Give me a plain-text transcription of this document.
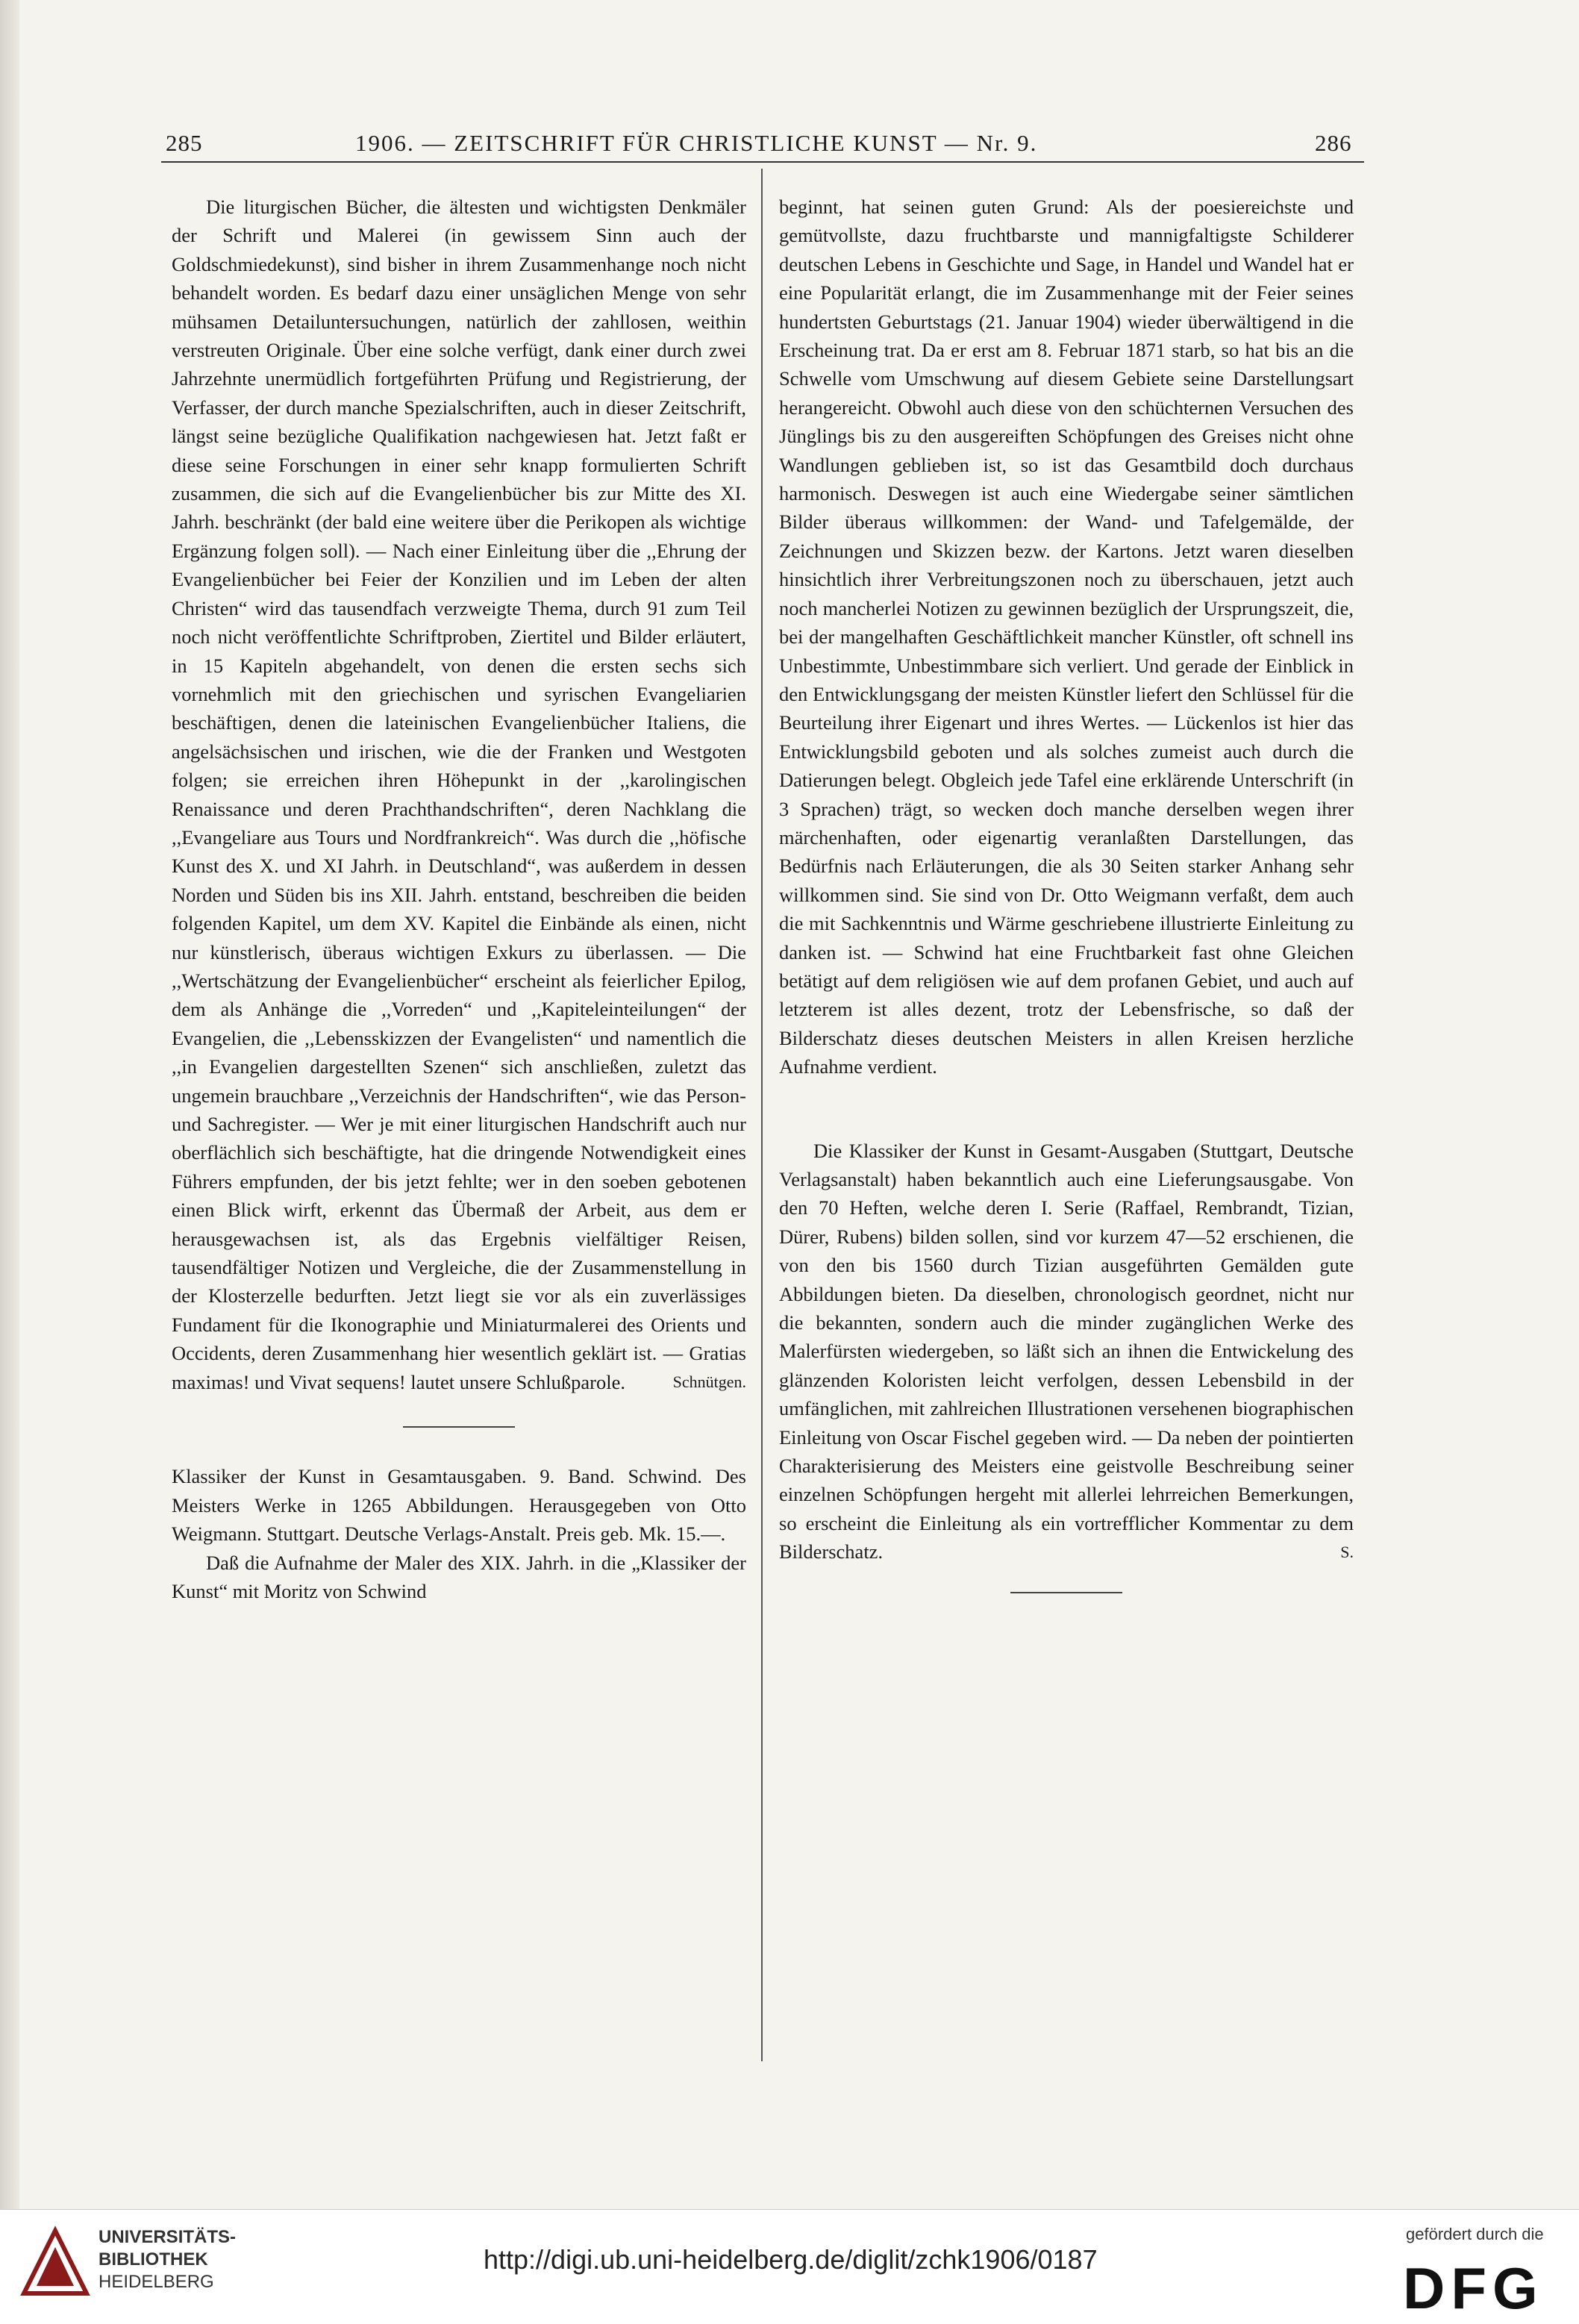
285	1906. — ZEITSCHRIFT FÜR CHRISTLICHE KUNST — Nr. 9.	286

Die liturgischen Bücher, die ältesten und wichtigsten Denkmäler der Schrift und Malerei (in gewissem Sinn auch der Goldschmiedekunst), sind bisher in ihrem Zusammenhange noch nicht behandelt worden. Es bedarf dazu einer unsäglichen Menge von sehr mühsamen Detailuntersuchungen, natürlich der zahllosen, weithin verstreuten Originale. Über eine solche verfügt, dank einer durch zwei Jahrzehnte unermüdlich fortgeführten Prüfung und Registrierung, der Verfasser, der durch manche Spezialschriften, auch in dieser Zeitschrift, längst seine bezügliche Qualifikation nachgewiesen hat. Jetzt faßt er diese seine Forschungen in einer sehr knapp formulierten Schrift zusammen, die sich auf die Evangelienbücher bis zur Mitte des XI. Jahrh. beschränkt (der bald eine weitere über die Perikopen als wichtige Ergänzung folgen soll). — Nach einer Einleitung über die ,,Ehrung der Evangelienbücher bei Feier der Konzilien und im Leben der alten Christen“ wird das tausendfach verzweigte Thema, durch 91 zum Teil noch nicht veröffentlichte Schriftproben, Ziertitel und Bilder erläutert, in 15 Kapiteln abgehandelt, von denen die ersten sechs sich vornehmlich mit den griechischen und syrischen Evangeliarien beschäftigen, denen die lateinischen Evangelienbücher Italiens, die angelsächsischen und irischen, wie die der Franken und Westgoten folgen; sie erreichen ihren Höhepunkt in der ,,karolingischen Renaissance und deren Prachthandschriften“, deren Nachklang die ,,Evangeliare aus Tours und Nordfrankreich“. Was durch die ,,höfische Kunst des X. und XI Jahrh. in Deutschland“, was außerdem in dessen Norden und Süden bis ins XII. Jahrh. entstand, beschreiben die beiden folgenden Kapitel, um dem XV. Kapitel die Einbände als einen, nicht nur künstlerisch, überaus wichtigen Exkurs zu überlassen. — Die ,,Wertschätzung der Evangelienbücher“ erscheint als feierlicher Epilog, dem als Anhänge die ,,Vorreden“ und ,,Kapiteleinteilungen“ der Evangelien, die ,,Lebensskizzen der Evangelisten“ und namentlich die ,,in Evangelien dargestellten Szenen“ sich anschließen, zuletzt das ungemein brauchbare ,,Verzeichnis der Handschriften“, wie das Person- und Sachregister. — Wer je mit einer liturgischen Handschrift auch nur oberflächlich sich beschäftigte, hat die dringende Notwendigkeit eines Führers empfunden, der bis jetzt fehlte; wer in den soeben gebotenen einen Blick wirft, erkennt das Übermaß der Arbeit, aus dem er herausgewachsen ist, als das Ergebnis vielfältiger Reisen, tausendfältiger Notizen und Vergleiche, die der Zusammenstellung in der Klosterzelle bedurften. Jetzt liegt sie vor als ein zuverlässiges Fundament für die Ikonographie und Miniaturmalerei des Orients und Occidents, deren Zusammenhang hier wesentlich geklärt ist. — Gratias maximas! und Vivat sequens! lautet unsere Schlußparole.	Schnütgen.

Klassiker der Kunst in Gesamtausgaben. 9. Band. Schwind. Des Meisters Werke in 1265 Abbildungen. Herausgegeben von Otto Weigmann. Stuttgart. Deutsche Verlags-Anstalt. Preis geb. Mk. 15.—.

Daß die Aufnahme der Maler des XIX. Jahrh. in die „Klassiker der Kunst“ mit Moritz von Schwind

beginnt, hat seinen guten Grund: Als der poesiereichste und gemütvollste, dazu fruchtbarste und mannigfaltigste Schilderer deutschen Lebens in Geschichte und Sage, in Handel und Wandel hat er eine Popularität erlangt, die im Zusammenhange mit der Feier seines hundertsten Geburtstags (21. Januar 1904) wieder überwältigend in die Erscheinung trat. Da er erst am 8. Februar 1871 starb, so hat bis an die Schwelle vom Umschwung auf diesem Gebiete seine Darstellungsart herangereicht. Obwohl auch diese von den schüchternen Versuchen des Jünglings bis zu den ausgereiften Schöpfungen des Greises nicht ohne Wandlungen geblieben ist, so ist das Gesamtbild doch durchaus harmonisch. Deswegen ist auch eine Wiedergabe seiner sämtlichen Bilder überaus willkommen: der Wand- und Tafelgemälde, der Zeichnungen und Skizzen bezw. der Kartons. Jetzt waren dieselben hinsichtlich ihrer Verbreitungszonen noch zu überschauen, jetzt auch noch mancherlei Notizen zu gewinnen bezüglich der Ursprungszeit, die, bei der mangelhaften Geschäftlichkeit mancher Künstler, oft schnell ins Unbestimmte, Unbestimmbare sich verliert. Und gerade der Einblick in den Entwicklungsgang der meisten Künstler liefert den Schlüssel für die Beurteilung ihrer Eigenart und ihres Wertes. — Lückenlos ist hier das Entwicklungsbild geboten und als solches zumeist auch durch die Datierungen belegt. Obgleich jede Tafel eine erklärende Unterschrift (in 3 Sprachen) trägt, so wecken doch manche derselben wegen ihrer märchenhaften, oder eigenartig veranlaßten Darstellungen, das Bedürfnis nach Erläuterungen, die als 30 Seiten starker Anhang sehr willkommen sind. Sie sind von Dr. Otto Weigmann verfaßt, dem auch die mit Sachkenntnis und Wärme geschriebene illustrierte Einleitung zu danken ist. — Schwind hat eine Fruchtbarkeit fast ohne Gleichen betätigt auf dem religiösen wie auf dem profanen Gebiet, und auch auf letzterem ist alles dezent, trotz der Lebensfrische, so daß der Bilderschatz dieses deutschen Meisters in allen Kreisen herzliche Aufnahme verdient.

Die Klassiker der Kunst in Gesamt-Ausgaben (Stuttgart, Deutsche Verlagsanstalt) haben bekanntlich auch eine Lieferungsausgabe. Von den 70 Heften, welche deren I. Serie (Raffael, Rembrandt, Tizian, Dürer, Rubens) bilden sollen, sind vor kurzem 47—52 erschienen, die von den bis 1560 durch Tizian ausgeführten Gemälden gute Abbildungen bieten. Da dieselben, chronologisch geordnet, nicht nur die bekannten, sondern auch die minder zugänglichen Werke des Malerfürsten wiedergeben, so läßt sich an ihnen die Entwickelung des glänzenden Koloristen leicht verfolgen, dessen Lebensbild in der umfänglichen, mit zahlreichen Illustrationen versehenen biographischen Einleitung von Oscar Fischel gegeben wird. — Da neben der pointierten Charakterisierung des Meisters eine geistvolle Beschreibung seiner einzelnen Schöpfungen hergeht mit allerlei lehrreichen Bemerkungen, so erscheint die Einleitung als ein vortrefflicher Kommentar zu dem Bilderschatz.	S.
UNIVERSITÄTS-
BIBLIOTHEK
HEIDELBERG
http://digi.ub.uni-heidelberg.de/diglit/zchk1906/0187
gefördert durch die
DFG
